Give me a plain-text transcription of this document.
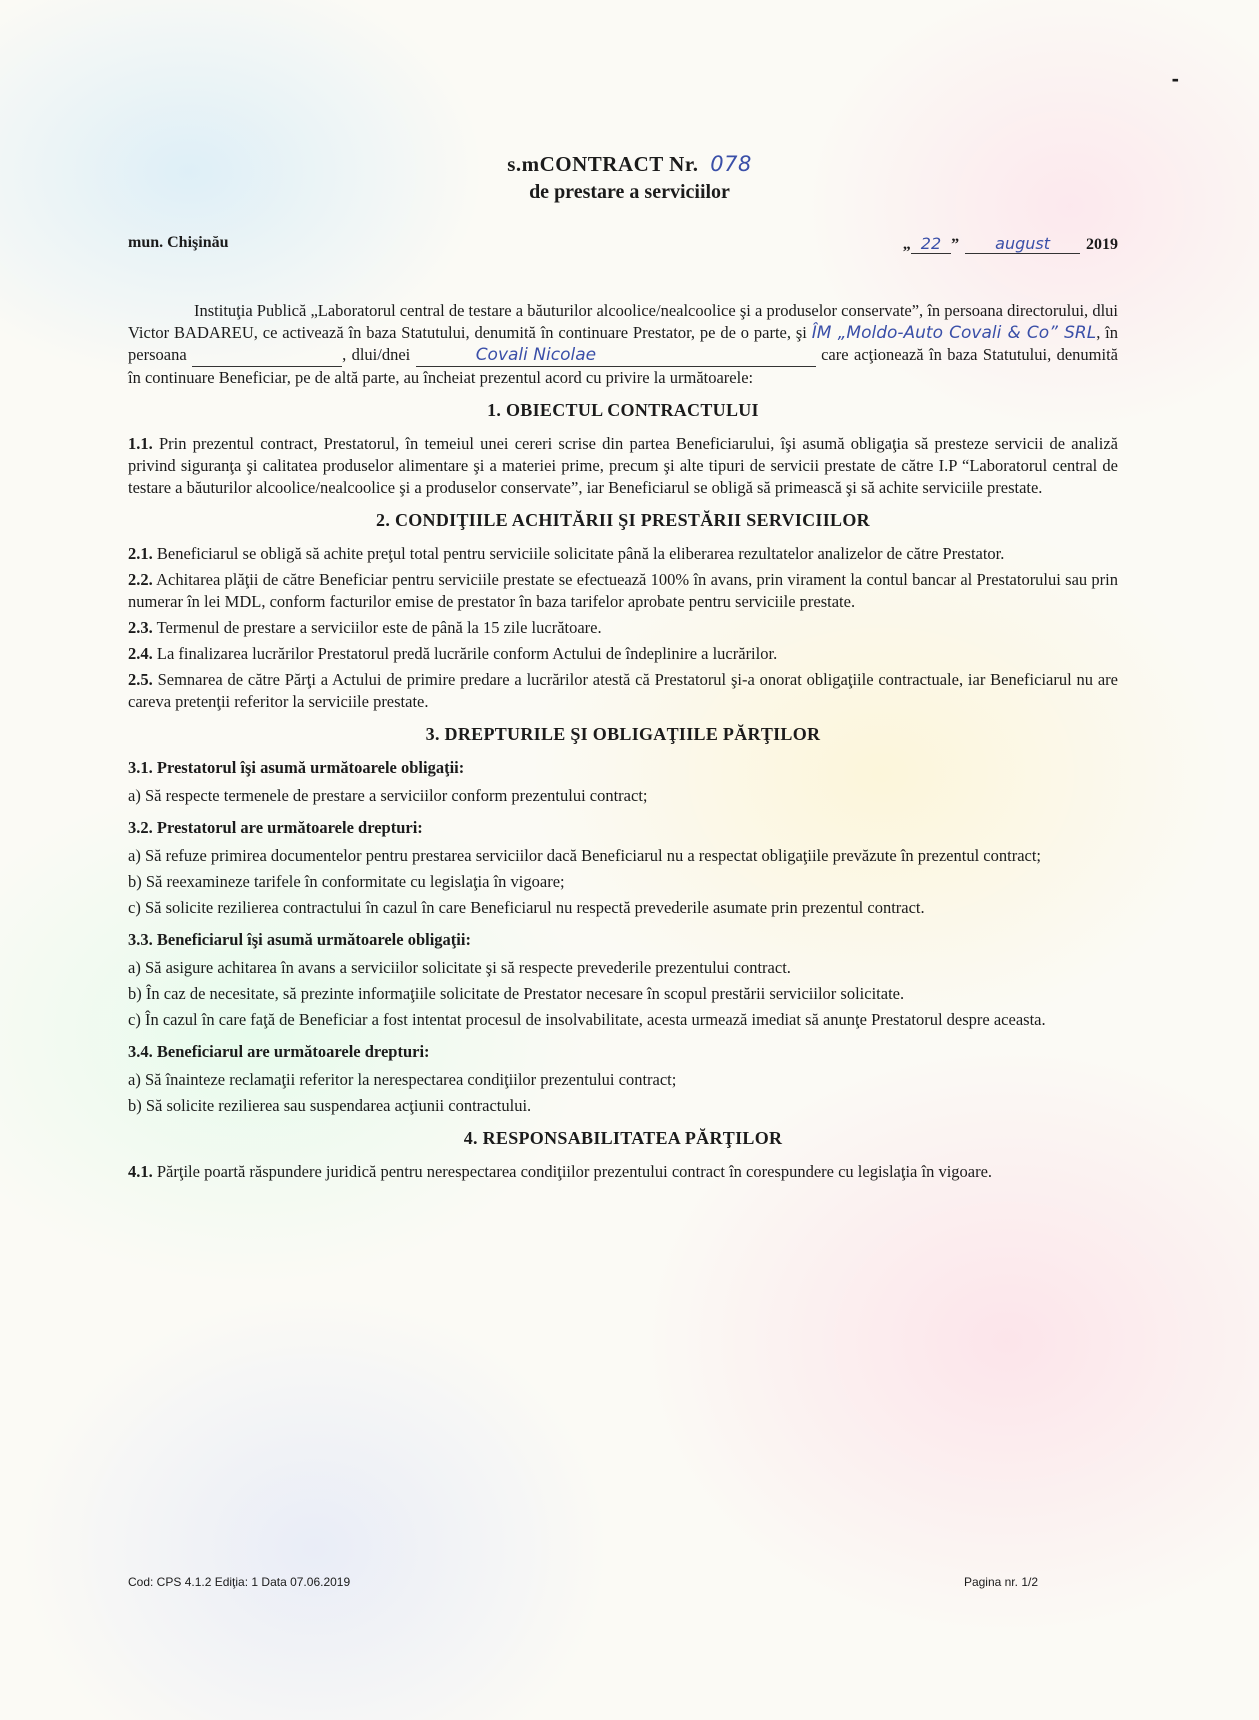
-
s.mCONTRACT Nr. 078
de prestare a serviciilor
mun. Chişinău	„ 22 ” august 2019

Instituţia Publică „Laboratorul central de testare a băuturilor alcoolice/nealcoolice şi a produselor conservate”, în persoana directorului, dlui Victor BADAREU, ce activează în baza Statutului, denumită în continuare Prestator, pe de o parte, şi ÎM „Moldo-Auto Covali & Co” SRL, în persoana	, dlui/dnei	Covali Nicolae	care acţionează în baza Statutului, denumită în continuare Beneficiar, pe de altă parte, au încheiat prezentul acord cu privire la următoarele:

1. OBIECTUL CONTRACTULUI

1.1. Prin prezentul contract, Prestatorul, în temeiul unei cereri scrise din partea Beneficiarului, îşi asumă obligaţia să presteze servicii de analiză privind siguranţa şi calitatea produselor alimentare şi a materiei prime, precum şi alte tipuri de servicii prestate de către I.P “Laboratorul central de testare a băuturilor alcoolice/nealcoolice şi a produselor conservate”, iar Beneficiarul se obligă să primească şi să achite serviciile prestate.

2. CONDIŢIILE ACHITĂRII ŞI PRESTĂRII SERVICIILOR

2.1. Beneficiarul se obligă să achite preţul total pentru serviciile solicitate până la eliberarea rezultatelor analizelor de către Prestator.

2.2. Achitarea plăţii de către Beneficiar pentru serviciile prestate se efectuează 100% în avans, prin virament la contul bancar al Prestatorului sau prin numerar în lei MDL, conform facturilor emise de prestator în baza tarifelor aprobate pentru serviciile prestate.

2.3. Termenul de prestare a serviciilor este de până la 15 zile lucrătoare.

2.4. La finalizarea lucrărilor Prestatorul predă lucrările conform Actului de îndeplinire a lucrărilor.

2.5. Semnarea de către Părţi a Actului de primire predare a lucrărilor atestă că Prestatorul şi-a onorat obligaţiile contractuale, iar Beneficiarul nu are careva pretenţii referitor la serviciile prestate.

3. DREPTURILE ŞI OBLIGAŢIILE PĂRŢILOR

3.1. Prestatorul îşi asumă următoarele obligaţii:

a) Să respecte termenele de prestare a serviciilor conform prezentului contract;

3.2. Prestatorul are următoarele drepturi:

a) Să refuze primirea documentelor pentru prestarea serviciilor dacă Beneficiarul nu a respectat obligaţiile prevăzute în prezentul contract;

b) Să reexamineze tarifele în conformitate cu legislaţia în vigoare;

c) Să solicite rezilierea contractului în cazul în care Beneficiarul nu respectă prevederile asumate prin prezentul contract.

3.3. Beneficiarul îşi asumă următoarele obligaţii:

a) Să asigure achitarea în avans a serviciilor solicitate şi să respecte prevederile prezentului contract.

b) În caz de necesitate, să prezinte informaţiile solicitate de Prestator necesare în scopul prestării serviciilor solicitate.

c) În cazul în care faţă de Beneficiar a fost intentat procesul de insolvabilitate, acesta urmează imediat să anunţe Prestatorul despre aceasta.

3.4. Beneficiarul are următoarele drepturi:

a) Să înainteze reclamaţii referitor la nerespectarea condiţiilor prezentului contract;

b) Să solicite rezilierea sau suspendarea acţiunii contractului.

4. RESPONSABILITATEA PĂRŢILOR

4.1. Părţile poartă răspundere juridică pentru nerespectarea condiţiilor prezentului contract în corespundere cu legislaţia în vigoare.

Cod: CPS 4.1.2 Ediţia: 1 Data 07.06.2019	Pagina nr. 1/2
